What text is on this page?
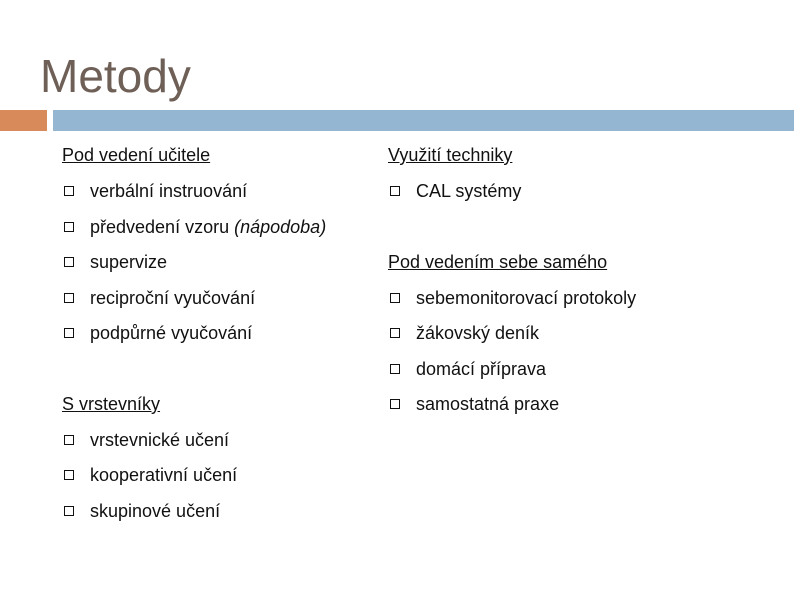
Metody
Pod vedení učitele
verbální instruování
předvedení vzoru (nápodoba)
supervize
reciproční vyučování
podpůrné vyučování
S vrstevníky
vrstevnické učení
kooperativní učení
skupinové učení
Využití techniky
CAL systémy
Pod vedením sebe samého
sebemonitorovací protokoly
žákovský deník
domácí příprava
samostatná praxe
